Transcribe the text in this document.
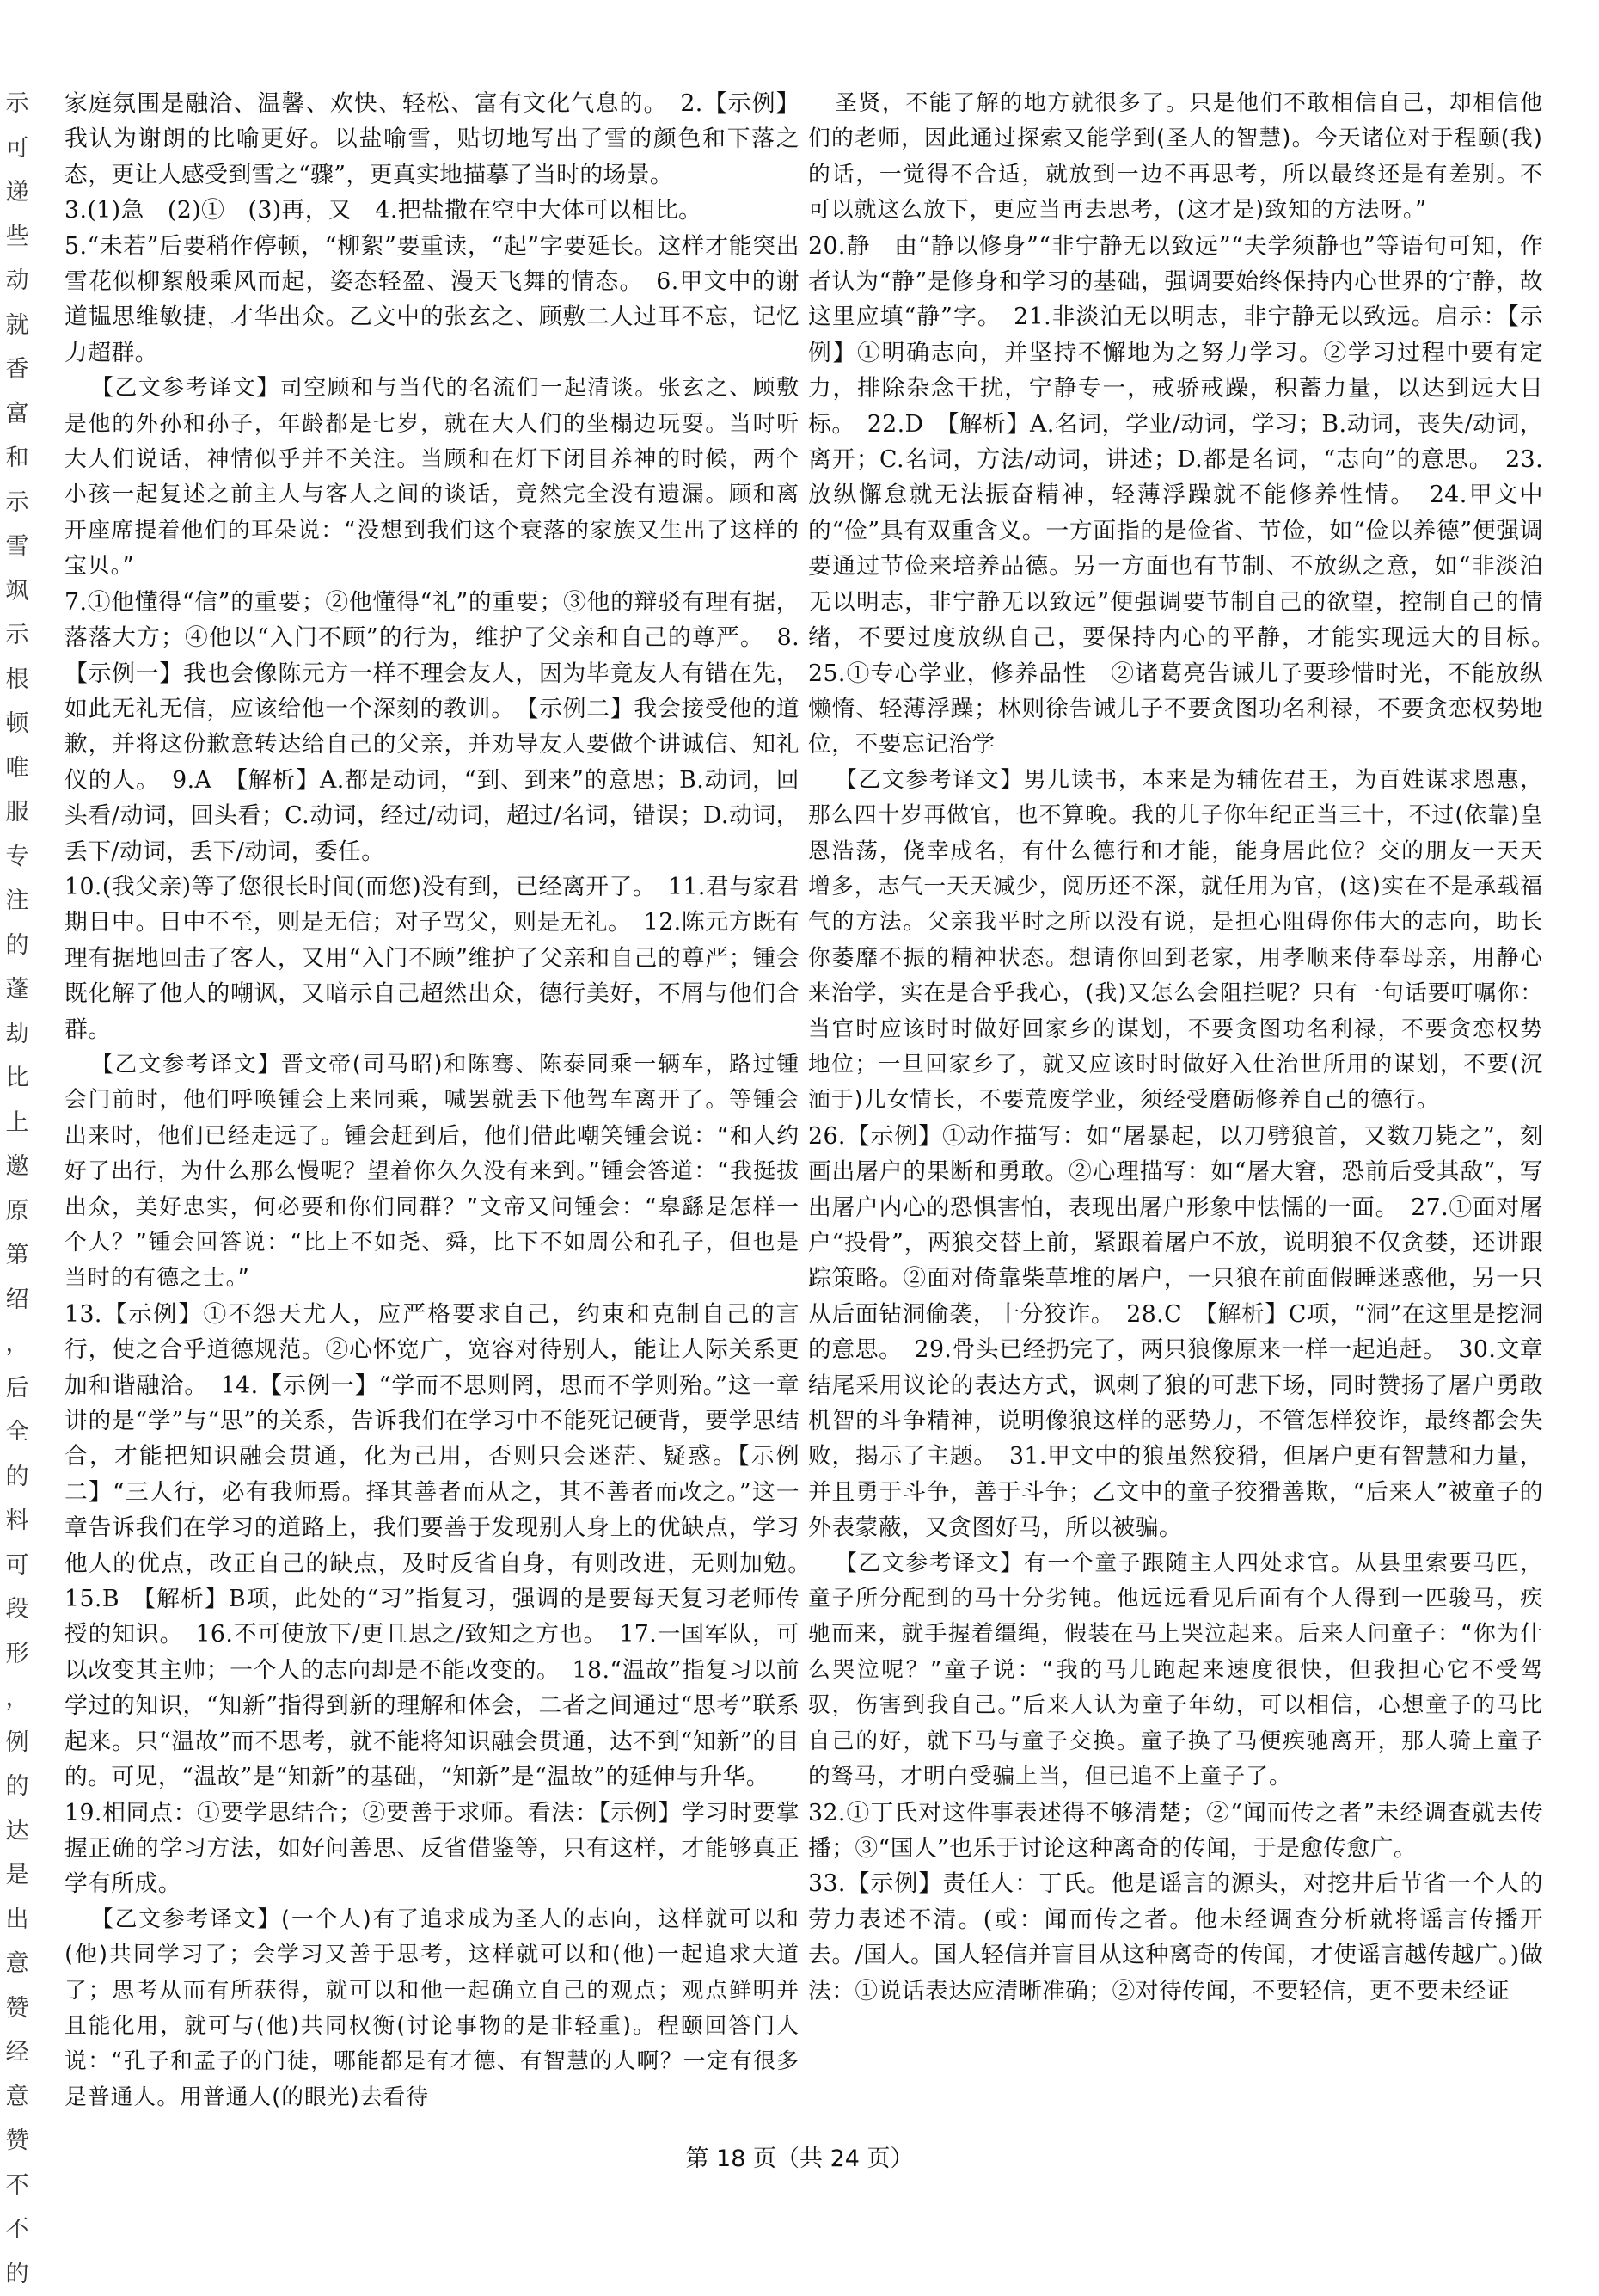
示
可
递
些
动
就
香
富
和
示
雪
飒
示
根
顿
唯
服
专
注
的
蓬
劫
比
上
邀
原
第
绍
，
后
全
的
料
可
段
形
，
例
的
达
是
出
意
赞
经
意
赞
不
不
的

家庭氛围是融洽、温馨、欢快、轻松、富有文化气息的。　2.【示例】我认为谢朗的比喻更好。以盐喻雪，贴切地写出了雪的颜色和下落之态，更让人感受到雪之“骤”，更真实地描摹了当时的场景。

3.(1)急　(2)①　(3)再，又　4.把盐撒在空中大体可以相比。

5.“未若”后要稍作停顿，“柳絮”要重读，“起”字要延长。这样才能突出雪花似柳絮般乘风而起，姿态轻盈、漫天飞舞的情态。　6.甲文中的谢道韫思维敏捷，才华出众。乙文中的张玄之、顾敷二人过耳不忘，记忆力超群。

【乙文参考译文】司空顾和与当代的名流们一起清谈。张玄之、顾敷是他的外孙和孙子，年龄都是七岁，就在大人们的坐榻边玩耍。当时听大人们说话，神情似乎并不关注。当顾和在灯下闭目养神的时候，两个小孩一起复述之前主人与客人之间的谈话，竟然完全没有遗漏。顾和离开座席提着他们的耳朵说：“没想到我们这个衰落的家族又生出了这样的宝贝。”

7.①他懂得“信”的重要；②他懂得“礼”的重要；③他的辩驳有理有据，落落大方；④他以“入门不顾”的行为，维护了父亲和自己的尊严。　8.【示例一】我也会像陈元方一样不理会友人，因为毕竟友人有错在先，如此无礼无信，应该给他一个深刻的教训。　【示例二】我会接受他的道歉，并将这份歉意转达给自己的父亲，并劝导友人要做个讲诚信、知礼仪的人。　9.A　【解析】A.都是动词，“到、到来”的意思；B.动词，回头看/动词，回头看；C.动词，经过/动词，超过/名词，错误；D.动词，丢下/动词，丢下/动词，委任。

10.(我父亲)等了您很长时间(而您)没有到，已经离开了。　11.君与家君期日中。日中不至，则是无信；对子骂父，则是无礼。　12.陈元方既有理有据地回击了客人，又用“入门不顾”维护了父亲和自己的尊严；锺会既化解了他人的嘲讽，又暗示自己超然出众，德行美好，不屑与他们合群。

【乙文参考译文】晋文帝(司马昭)和陈骞、陈泰同乘一辆车，路过锺会门前时，他们呼唤锺会上来同乘，喊罢就丢下他驾车离开了。等锺会出来时，他们已经走远了。锺会赶到后，他们借此嘲笑锺会说：“和人约好了出行，为什么那么慢呢？望着你久久没有来到。”锺会答道：“我挺拔出众，美好忠实，何必要和你们同群？”文帝又问锺会：“皋繇是怎样一个人？”锺会回答说：“比上不如尧、舜，比下不如周公和孔子，但也是当时的有德之士。”

13.【示例】①不怨天尤人，应严格要求自己，约束和克制自己的言行，使之合乎道德规范。②心怀宽广，宽容对待别人，能让人际关系更加和谐融洽。　14.【示例一】“学而不思则罔，思而不学则殆。”这一章讲的是“学”与“思”的关系，告诉我们在学习中不能死记硬背，要学思结合，才能把知识融会贯通，化为己用，否则只会迷茫、疑惑。【示例二】“三人行，必有我师焉。择其善者而从之，其不善者而改之。”这一章告诉我们在学习的道路上，我们要善于发现别人身上的优缺点，学习他人的优点，改正自己的缺点，及时反省自身，有则改进，无则加勉。　15.B　【解析】B项，此处的“习”指复习，强调的是要每天复习老师传授的知识。　16.不可使放下/更且思之/致知之方也。　17.一国军队，可以改变其主帅；一个人的志向却是不能改变的。　18.“温故”指复习以前学过的知识，“知新”指得到新的理解和体会，二者之间通过“思考”联系起来。只“温故”而不思考，就不能将知识融会贯通，达不到“知新”的目的。可见，“温故”是“知新”的基础，“知新”是“温故”的延伸与升华。

19.相同点：①要学思结合；②要善于求师。看法：【示例】学习时要掌握正确的学习方法，如好问善思、反省借鉴等，只有这样，才能够真正学有所成。

【乙文参考译文】(一个人)有了追求成为圣人的志向，这样就可以和(他)共同学习了；会学习又善于思考，这样就可以和(他)一起追求大道了；思考从而有所获得，就可以和他一起确立自己的观点；观点鲜明并且能化用，就可与(他)共同权衡(讨论事物的是非轻重)。程颐回答门人说：“孔子和孟子的门徒，哪能都是有才德、有智慧的人啊？一定有很多是普通人。用普通人(的眼光)去看待

圣贤，不能了解的地方就很多了。只是他们不敢相信自己，却相信他们的老师，因此通过探索又能学到(圣人的智慧)。今天诸位对于程颐(我)的话，一觉得不合适，就放到一边不再思考，所以最终还是有差别。不可以就这么放下，更应当再去思考，(这才是)致知的方法呀。”

20.静　由“静以修身”“非宁静无以致远”“夫学须静也”等语句可知，作者认为“静”是修身和学习的基础，强调要始终保持内心世界的宁静，故这里应填“静”字。　21.非淡泊无以明志，非宁静无以致远。启示：【示例】①明确志向，并坚持不懈地为之努力学习。②学习过程中要有定力，排除杂念干扰，宁静专一，戒骄戒躁，积蓄力量，以达到远大目标。　22.D　【解析】A.名词，学业/动词，学习；B.动词，丧失/动词，离开；C.名词，方法/动词，讲述；D.都是名词，“志向”的意思。　23.放纵懈怠就无法振奋精神，轻薄浮躁就不能修养性情。　24.甲文中的“俭”具有双重含义。一方面指的是俭省、节俭，如“俭以养德”便强调要通过节俭来培养品德。另一方面也有节制、不放纵之意，如“非淡泊无以明志，非宁静无以致远”便强调要节制自己的欲望，控制自己的情绪，不要过度放纵自己，要保持内心的平静，才能实现远大的目标。　25.①专心学业，修养品性　②诸葛亮告诫儿子要珍惜时光，不能放纵懒惰、轻薄浮躁；林则徐告诫儿子不要贪图功名利禄，不要贪恋权势地位，不要忘记治学

【乙文参考译文】男儿读书，本来是为辅佐君王，为百姓谋求恩惠，那么四十岁再做官，也不算晚。我的儿子你年纪正当三十，不过(依靠)皇恩浩荡，侥幸成名，有什么德行和才能，能身居此位？交的朋友一天天增多，志气一天天减少，阅历还不深，就任用为官，(这)实在不是承载福气的方法。父亲我平时之所以没有说，是担心阻碍你伟大的志向，助长你萎靡不振的精神状态。想请你回到老家，用孝顺来侍奉母亲，用静心来治学，实在是合乎我心，(我)又怎么会阻拦呢？只有一句话要叮嘱你：当官时应该时时做好回家乡的谋划，不要贪图功名利禄，不要贪恋权势地位；一旦回家乡了，就又应该时时做好入仕治世所用的谋划，不要(沉湎于)儿女情长，不要荒废学业，须经受磨砺修养自己的德行。

26.【示例】①动作描写：如“屠暴起，以刀劈狼首，又数刀毙之”，刻画出屠户的果断和勇敢。②心理描写：如“屠大窘，恐前后受其敌”，写出屠户内心的恐惧害怕，表现出屠户形象中怯懦的一面。　27.①面对屠户“投骨”，两狼交替上前，紧跟着屠户不放，说明狼不仅贪婪，还讲跟踪策略。②面对倚靠柴草堆的屠户，一只狼在前面假睡迷惑他，另一只从后面钻洞偷袭，十分狡诈。　28.C　【解析】C项，“洞”在这里是挖洞的意思。　29.骨头已经扔完了，两只狼像原来一样一起追赶。　30.文章结尾采用议论的表达方式，讽刺了狼的可悲下场，同时赞扬了屠户勇敢机智的斗争精神，说明像狼这样的恶势力，不管怎样狡诈，最终都会失败，揭示了主题。　31.甲文中的狼虽然狡猾，但屠户更有智慧和力量，并且勇于斗争，善于斗争；乙文中的童子狡猾善欺，“后来人”被童子的外表蒙蔽，又贪图好马，所以被骗。

【乙文参考译文】有一个童子跟随主人四处求官。从县里索要马匹，童子所分配到的马十分劣钝。他远远看见后面有个人得到一匹骏马，疾驰而来，就手握着缰绳，假装在马上哭泣起来。后来人问童子：“你为什么哭泣呢？”童子说：“我的马儿跑起来速度很快，但我担心它不受驾驭，伤害到我自己。”后来人认为童子年幼，可以相信，心想童子的马比自己的好，就下马与童子交换。童子换了马便疾驰离开，那人骑上童子的驽马，才明白受骗上当，但已追不上童子了。

32.①丁氏对这件事表述得不够清楚；②“闻而传之者”未经调查就去传播；③“国人”也乐于讨论这种离奇的传闻，于是愈传愈广。

33.【示例】责任人：丁氏。他是谣言的源头，对挖井后节省一个人的劳力表述不清。(或：闻而传之者。他未经调查分析就将谣言传播开去。/国人。国人轻信并盲目从这种离奇的传闻，才使谣言越传越广。)做法：①说话表达应清晰准确；②对待传闻，不要轻信，更不要未经证

第 18 页（共 24 页）
